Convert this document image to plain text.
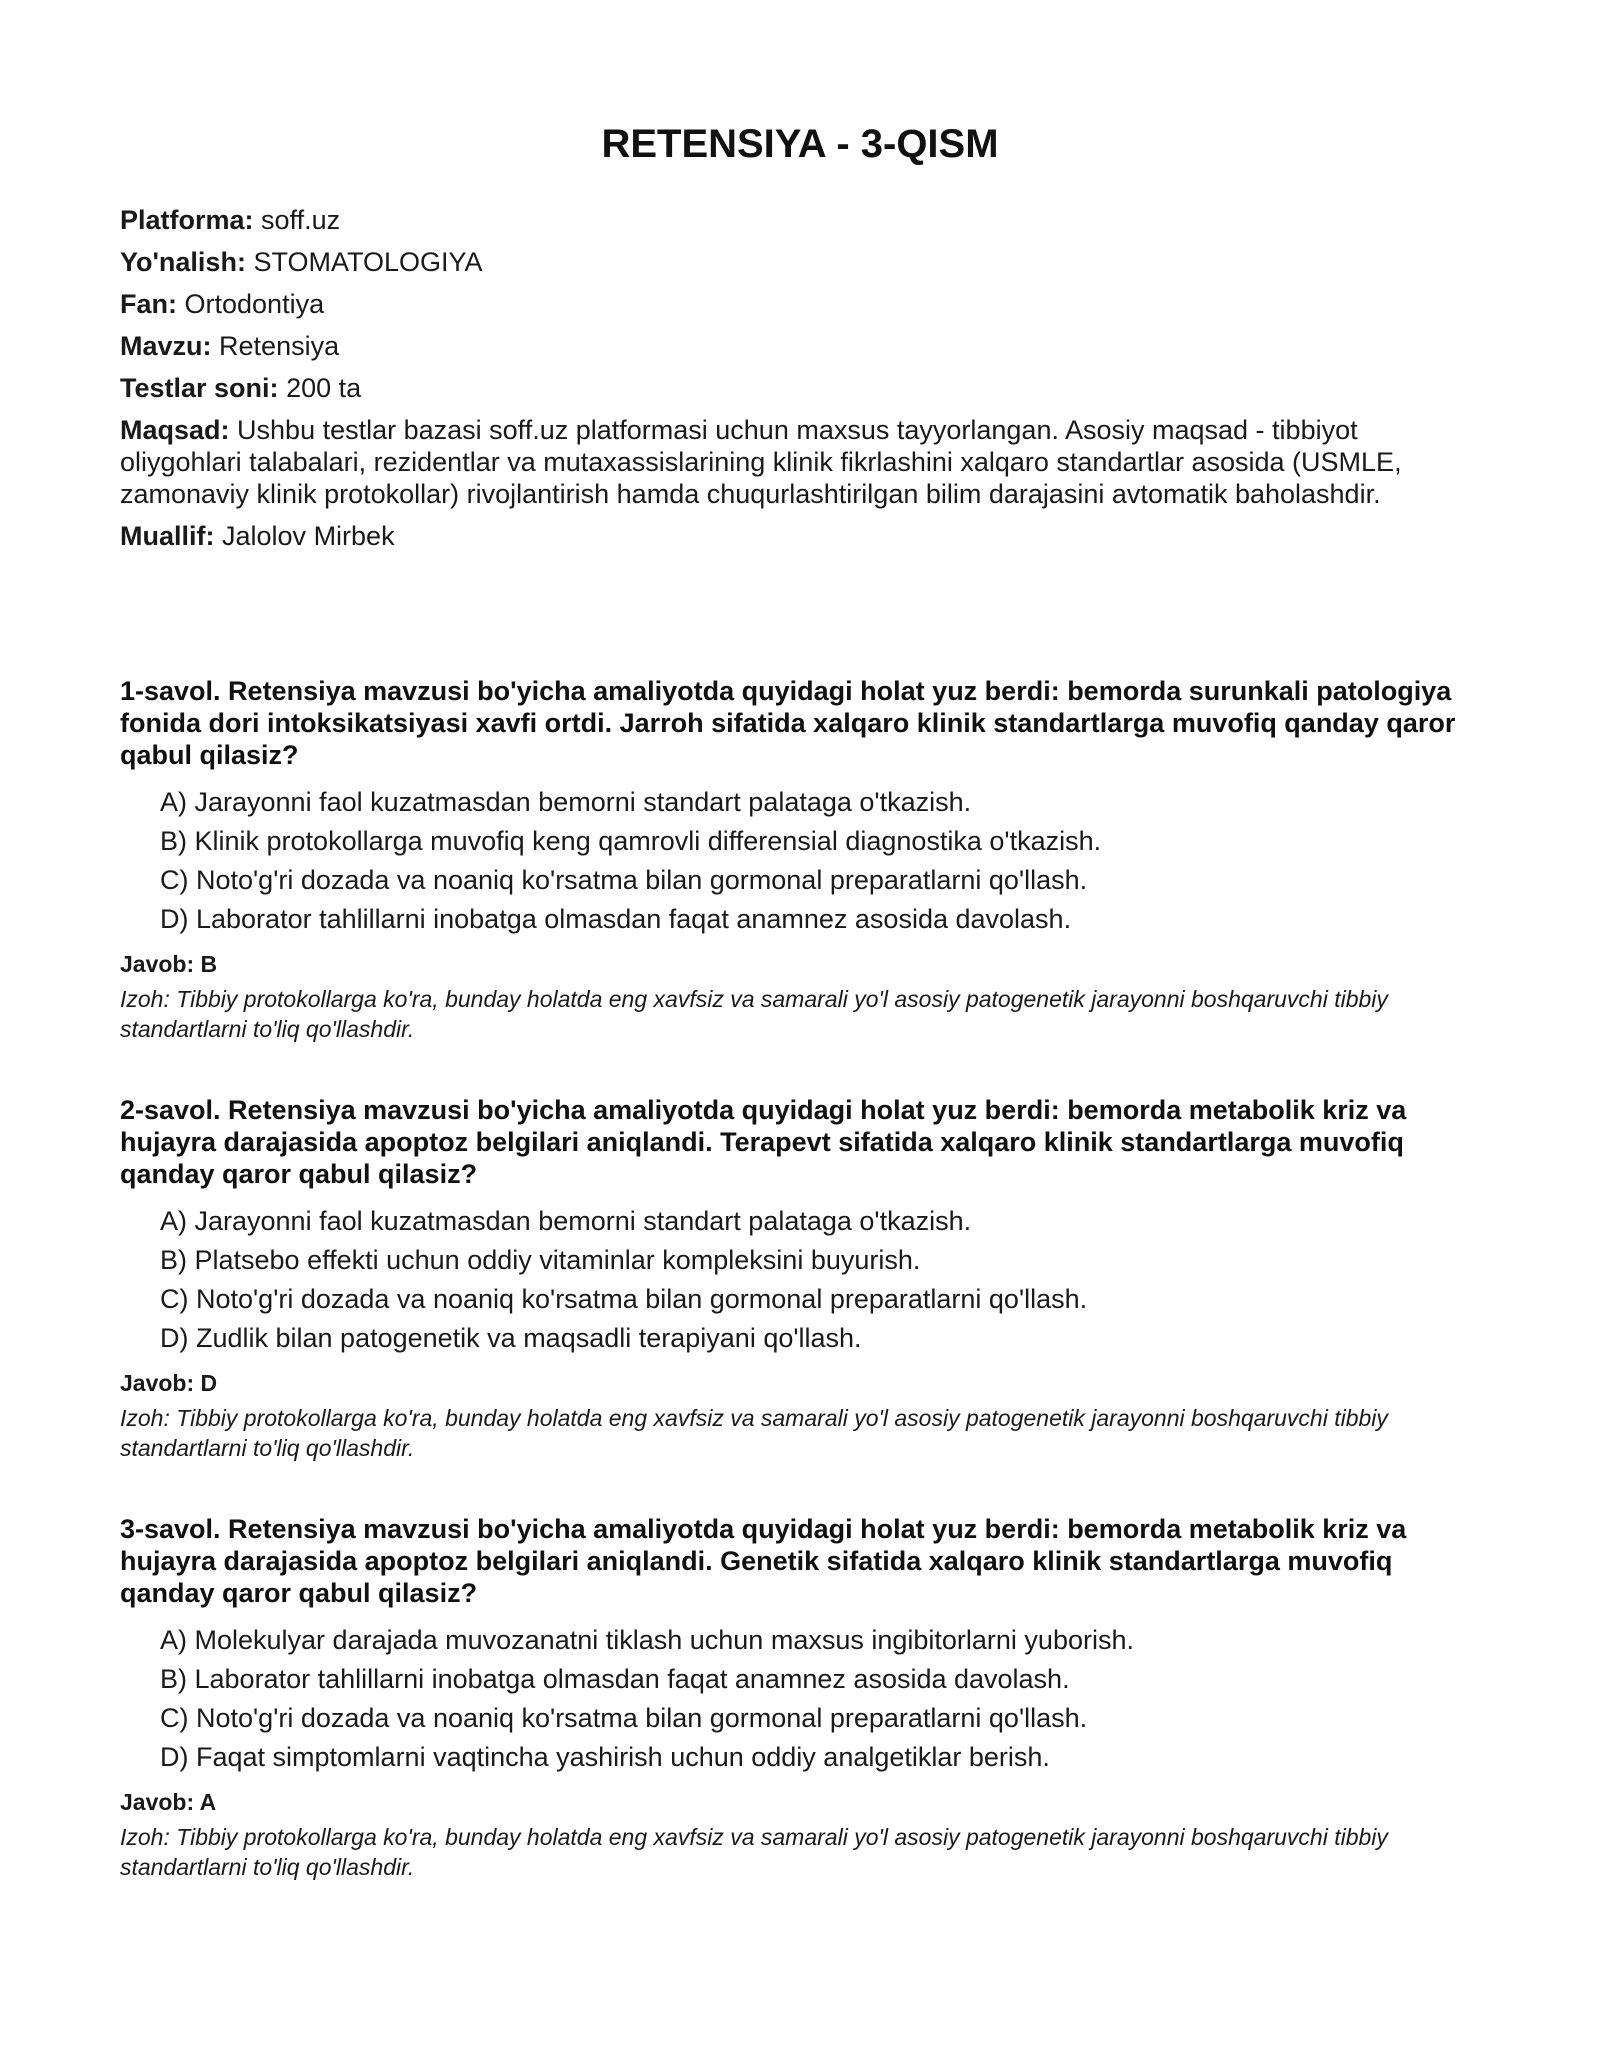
RETENSIYA - 3-QISM
Platforma: soff.uz
Yo'nalish: STOMATOLOGIYA
Fan: Ortodontiya
Mavzu: Retensiya
Testlar soni: 200 ta
Maqsad: Ushbu testlar bazasi soff.uz platformasi uchun maxsus tayyorlangan. Asosiy maqsad - tibbiyot oliygohlari talabalari, rezidentlar va mutaxassislarining klinik fikrlashini xalqaro standartlar asosida (USMLE, zamonaviy klinik protokollar) rivojlantirish hamda chuqurlashtirilgan bilim darajasini avtomatik baholashdir.
Muallif: Jalolov Mirbek
1-savol. Retensiya mavzusi bo'yicha amaliyotda quyidagi holat yuz berdi: bemorda surunkali patologiya fonida dori intoksikatsiyasi xavfi ortdi. Jarroh sifatida xalqaro klinik standartlarga muvofiq qanday qaror qabul qilasiz?
A) Jarayonni faol kuzatmasdan bemorni standart palataga o'tkazish.
B) Klinik protokollarga muvofiq keng qamrovli differensial diagnostika o'tkazish.
C) Noto'g'ri dozada va noaniq ko'rsatma bilan gormonal preparatlarni qo'llash.
D) Laborator tahlillarni inobatga olmasdan faqat anamnez asosida davolash.
Javob: B
Izoh: Tibbiy protokollarga ko'ra, bunday holatda eng xavfsiz va samarali yo'l asosiy patogenetik jarayonni boshqaruvchi tibbiy standartlarni to'liq qo'llashdir.
2-savol. Retensiya mavzusi bo'yicha amaliyotda quyidagi holat yuz berdi: bemorda metabolik kriz va hujayra darajasida apoptoz belgilari aniqlandi. Terapevt sifatida xalqaro klinik standartlarga muvofiq qanday qaror qabul qilasiz?
A) Jarayonni faol kuzatmasdan bemorni standart palataga o'tkazish.
B) Platsebo effekti uchun oddiy vitaminlar kompleksini buyurish.
C) Noto'g'ri dozada va noaniq ko'rsatma bilan gormonal preparatlarni qo'llash.
D) Zudlik bilan patogenetik va maqsadli terapiyani qo'llash.
Javob: D
Izoh: Tibbiy protokollarga ko'ra, bunday holatda eng xavfsiz va samarali yo'l asosiy patogenetik jarayonni boshqaruvchi tibbiy standartlarni to'liq qo'llashdir.
3-savol. Retensiya mavzusi bo'yicha amaliyotda quyidagi holat yuz berdi: bemorda metabolik kriz va hujayra darajasida apoptoz belgilari aniqlandi. Genetik sifatida xalqaro klinik standartlarga muvofiq qanday qaror qabul qilasiz?
A) Molekulyar darajada muvozanatni tiklash uchun maxsus ingibitorlarni yuborish.
B) Laborator tahlillarni inobatga olmasdan faqat anamnez asosida davolash.
C) Noto'g'ri dozada va noaniq ko'rsatma bilan gormonal preparatlarni qo'llash.
D) Faqat simptomlarni vaqtincha yashirish uchun oddiy analgetiklar berish.
Javob: A
Izoh: Tibbiy protokollarga ko'ra, bunday holatda eng xavfsiz va samarali yo'l asosiy patogenetik jarayonni boshqaruvchi tibbiy standartlarni to'liq qo'llashdir.
